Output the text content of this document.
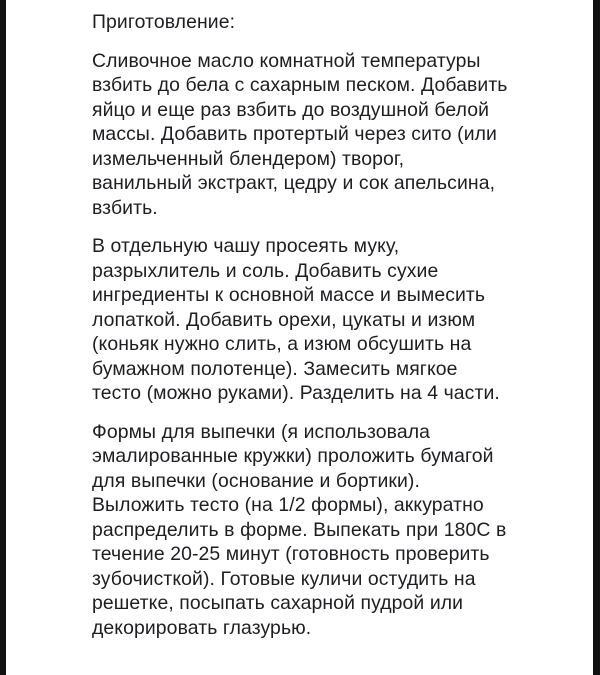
Приготовление:
Сливочное масло комнатной температуры
взбить до бела с сахарным песком. Добавить
яйцо и еще раз взбить до воздушной белой
массы. Добавить протертый через сито (или
измельченный блендером) творог,
ванильный экстракт, цедру и сок апельсина,
взбить.
В отдельную чашу просеять муку,
разрыхлитель и соль. Добавить сухие
ингредиенты к основной массе и вымесить
лопаткой. Добавить орехи, цукаты и изюм
(коньяк нужно слить, а изюм обсушить на
бумажном полотенце). Замесить мягкое
тесто (можно руками). Разделить на 4 части.
Формы для выпечки (я использовала
эмалированные кружки) проложить бумагой
для выпечки (основание и бортики).
Выложить тесто (на 1/2 формы), аккуратно
распределить в форме. Выпекать при 180С в
течение 20-25 минут (готовность проверить
зубочисткой). Готовые куличи остудить на
решетке, посыпать сахарной пудрой или
декорировать глазурью.
